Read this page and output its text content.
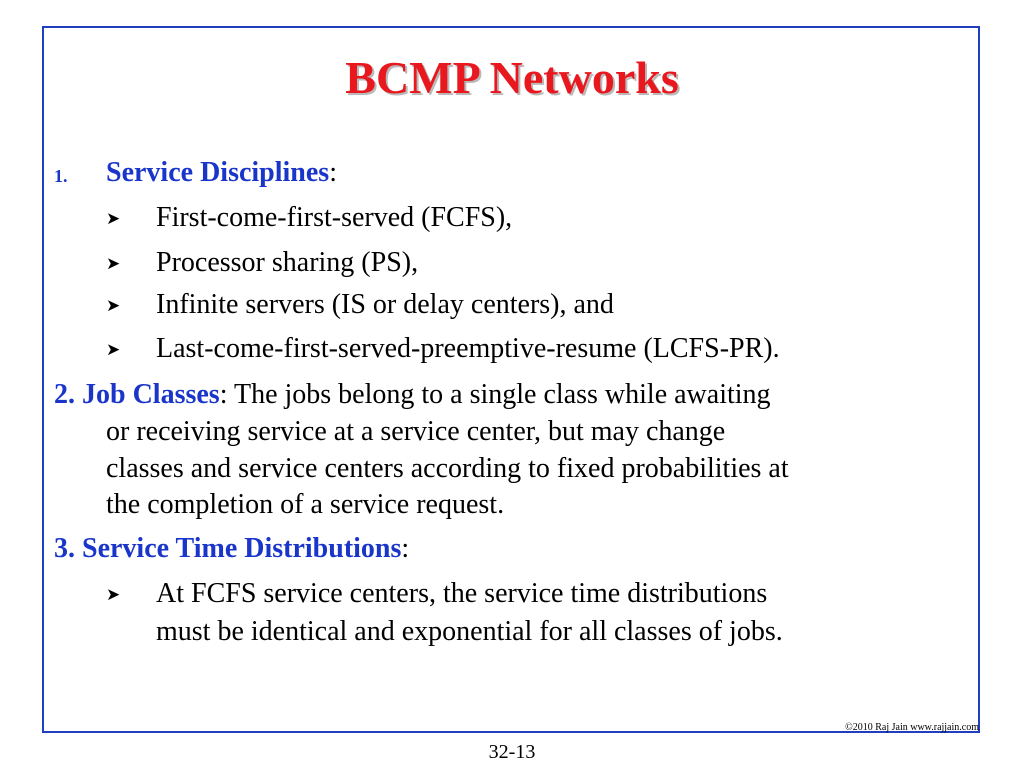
BCMP Networks
1. Service Disciplines:
➤ First-come-first-served (FCFS),
➤ Processor sharing (PS),
➤ Infinite servers (IS or delay centers), and
➤ Last-come-first-served-preemptive-resume (LCFS-PR).
2. Job Classes: The jobs belong to a single class while awaiting
or receiving service at a service center, but may change
classes and service centers according to fixed probabilities at
the completion of a service request.
3. Service Time Distributions:
➤ At FCFS service centers, the service time distributions
must be identical and exponential for all classes of jobs.
©2010 Raj Jain www.rajjain.com
32-13
